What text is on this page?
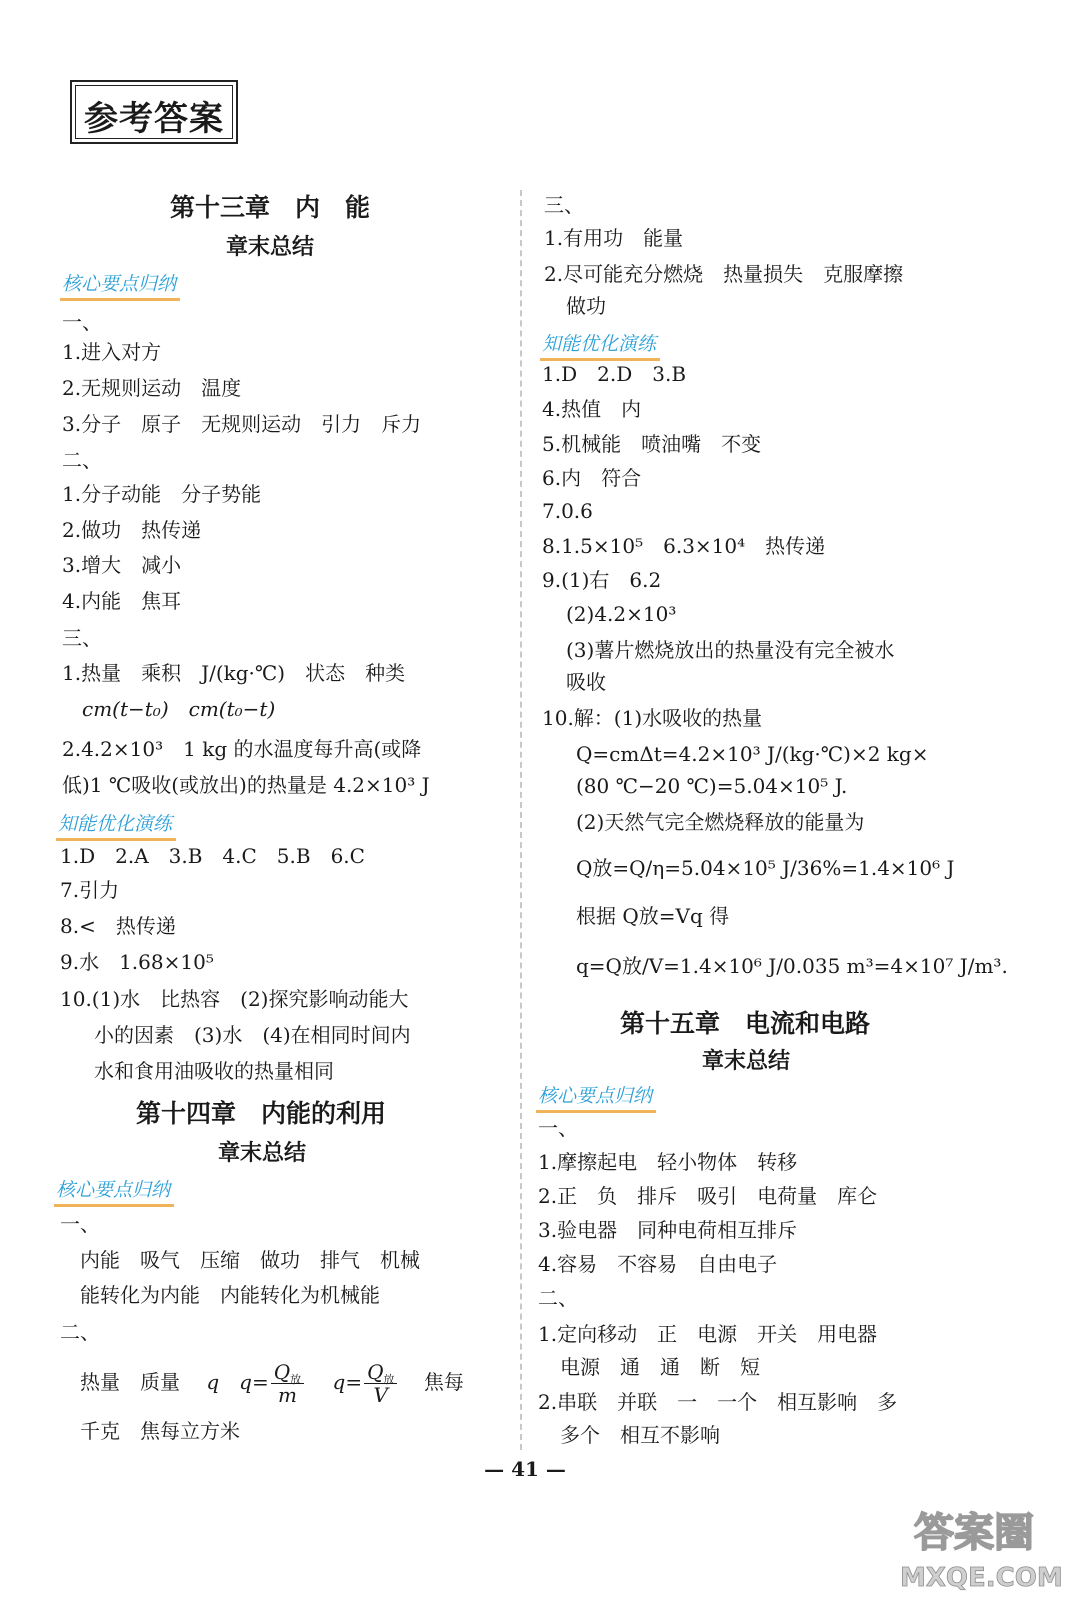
参考答案
第十三章　内　能
章末总结
核心要点归纳
一、
1.进入对方
2.无规则运动　温度
3.分子　原子　无规则运动　引力　斥力
二、
1.分子动能　分子势能
2.做功　热传递
3.增大　减小
4.内能　焦耳
三、
1.热量　乘积　J/(kg·℃)　状态　种类
cm(t−t₀)　cm(t₀−t)
2.4.2×10³　1 kg 的水温度每升高(或降
低)1 ℃吸收(或放出)的热量是 4.2×10³ J
知能优化演练
1.D　2.A　3.B　4.C　5.B　6.C
7.引力
8.<　热传递
9.水　1.68×10⁵
10.(1)水　比热容　(2)探究影响动能大
小的因素　(3)水　(4)在相同时间内
水和食用油吸收的热量相同
第十四章　内能的利用
章末总结
核心要点归纳
一、
内能　吸气　压缩　做功　排气　机械
能转化为内能　内能转化为机械能
二、
热量　质量  q $q= \frac{Q_放}{m}$  $q= \frac{Q_放}{V}$ 焦每
千克　焦每立方米
三、
1.有用功　能量
2.尽可能充分燃烧　热量损失　克服摩擦
做功
知能优化演练
1.D　2.D　3.B
4.热值　内
5.机械能　喷油嘴　不变
6.内　符合
7.0.6
8.1.5×10⁵　6.3×10⁴　热传递
9.(1)右　6.2
(2)4.2×10³
(3)薯片燃烧放出的热量没有完全被水
吸收
10.解：(1)水吸收的热量
Q=cmΔt=4.2×10³ J/(kg·℃)×2 kg×
(80 ℃−20 ℃)=5.04×10⁵ J.
(2)天然气完全燃烧释放的能量为
Q放=Q/η=5.04×10⁵ J/36%=1.4×10⁶ J
根据 Q放=Vq 得
q=Q放/V=1.4×10⁶ J/0.035 m³=4×10⁷ J/m³.
第十五章　电流和电路
章末总结
核心要点归纳
一、
1.摩擦起电　轻小物体　转移
2.正　负　排斥　吸引　电荷量　库仑
3.验电器　同种电荷相互排斥
4.容易　不容易　自由电子
二、
1.定向移动　正　电源　开关　用电器
电源　通　通　断　短
2.串联　并联　一　一个　相互影响　多
多个　相互不影响
— 41 —
答案圈
MXQE.COM
